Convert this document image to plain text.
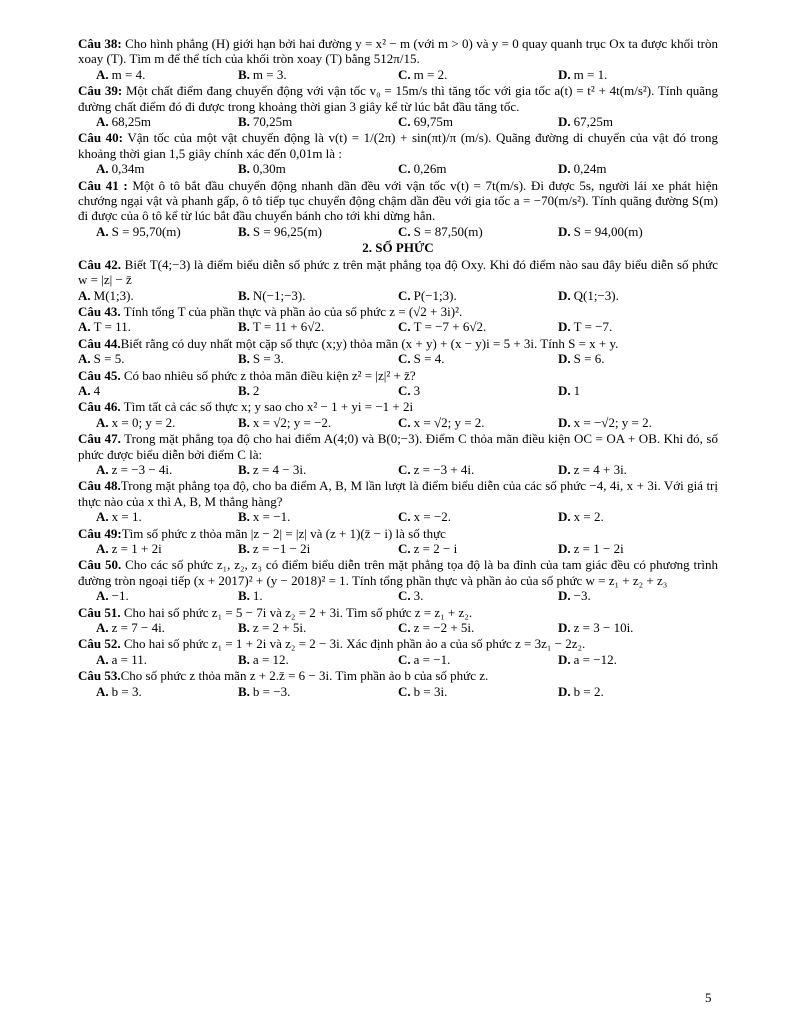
Câu 38: Cho hình phẳng (H) giới hạn bởi hai đường y = x² − m (với m > 0) và y = 0 quay quanh trục Ox ta được khối tròn xoay (T). Tìm m để thể tích của khối tròn xoay (T) bằng 512π/15.

A. m = 4.	B. m = 3.	C. m = 2.	D. m = 1.

Câu 39: Một chất điểm đang chuyển động với vận tốc v₀ = 15m/s thì tăng tốc với gia tốc a(t) = t² + 4t(m/s²). Tính quãng đường chất điểm đó đi được trong khoảng thời gian 3 giây kể từ lúc bắt đầu tăng tốc.

A. 68,25m	B. 70,25m	C. 69,75m	D. 67,25m

Câu 40: Vận tốc của một vật chuyển động là v(t) = 1/(2π) + sin(πt)/π (m/s). Quãng đường di chuyển của vật đó trong khoảng thời gian 1,5 giây chính xác đến 0,01m là :

A. 0,34m	B. 0,30m	C. 0,26m	D. 0,24m

Câu 41 : Một ô tô bắt đầu chuyển động nhanh dần đều với vận tốc v(t) = 7t(m/s). Đi được 5s, người lái xe phát hiện chướng ngại vật và phanh gấp, ô tô tiếp tục chuyển động chậm dần đều với gia tốc a = −70(m/s²). Tính quãng đường S(m) đi được của ô tô kể từ lúc bắt đầu chuyển bánh cho tới khi dừng hẳn.

A. S = 95,70(m)	B. S = 96,25(m)	C. S = 87,50(m)	D. S = 94,00(m)
2. SỐ PHỨC

Câu 42. Biết T(4;−3) là điểm biểu diễn số phức z trên mặt phẳng tọa độ Oxy. Khi đó điểm nào sau đây biểu diễn số phức w = |z| − z̄

A. M(1;3).	B. N(−1;−3).	C. P(−1;3).	D. Q(1;−3).

Câu 43. Tính tổng T của phần thực và phần ảo của số phức z = (√2 + 3i)².

A. T = 11.	B. T = 11 + 6√2.	C. T = −7 + 6√2.	D. T = −7.

Câu 44.Biết rằng có duy nhất một cặp số thực (x;y) thỏa mãn (x + y) + (x − y)i = 5 + 3i. Tính S = x + y.

A. S = 5.	B. S = 3.	C. S = 4.	D. S = 6.

Câu 45. Có bao nhiêu số phức z thỏa mãn điều kiện z² = |z|² + z̄?

A. 4	B. 2	C. 3	D. 1

Câu 46. Tìm tất cả các số thực x; y sao cho x² − 1 + yi = −1 + 2i

A. x = 0; y = 2.	B. x = √2; y = −2.	C. x = √2; y = 2.	D. x = −√2; y = 2.

Câu 47. Trong mặt phẳng tọa độ cho hai điểm A(4;0) và B(0;−3). Điểm C thỏa mãn điều kiện OC = OA + OB. Khi đó, số phức được biểu diễn bởi điểm C là:

A. z = −3 − 4i.	B. z = 4 − 3i.	C. z = −3 + 4i.	D. z = 4 + 3i.

Câu 48.Trong mặt phẳng tọa độ, cho ba điểm A, B, M lần lượt là điểm biểu diễn của các số phức −4, 4i, x + 3i. Với giá trị thực nào của x thì A, B, M thẳng hàng?

A. x = 1.	B. x = −1.	C. x = −2.	D. x = 2.

Câu 49:Tìm số phức z thỏa mãn |z − 2| = |z| và (z + 1)(z̄ − i) là số thực

A. z = 1 + 2i	B. z = −1 − 2i	C. z = 2 − i	D. z = 1 − 2i

Câu 50. Cho các số phức z₁, z₂, z₃ có điểm biểu diễn trên mặt phẳng tọa độ là ba đỉnh của tam giác đều có phương trình đường tròn ngoại tiếp (x + 2017)² + (y − 2018)² = 1. Tính tổng phần thực và phần ảo của số phức w = z₁ + z₂ + z₃

A. −1.	B. 1.	C. 3.	D. −3.

Câu 51. Cho hai số phức z₁ = 5 − 7i và z₂ = 2 + 3i. Tìm số phức z = z₁ + z₂.

A. z = 7 − 4i.	B. z = 2 + 5i.	C. z = −2 + 5i.	D. z = 3 − 10i.

Câu 52. Cho hai số phức z₁ = 1 + 2i và z₂ = 2 − 3i. Xác định phần ảo a của số phức z = 3z₁ − 2z₂.

A. a = 11.	B. a = 12.	C. a = −1.	D. a = −12.

Câu 53.Cho số phức z thỏa mãn z + 2.z̄ = 6 − 3i. Tìm phần ảo b của số phức z.

A. b = 3.	B. b = −3.	C. b = 3i.	D. b = 2.
5
